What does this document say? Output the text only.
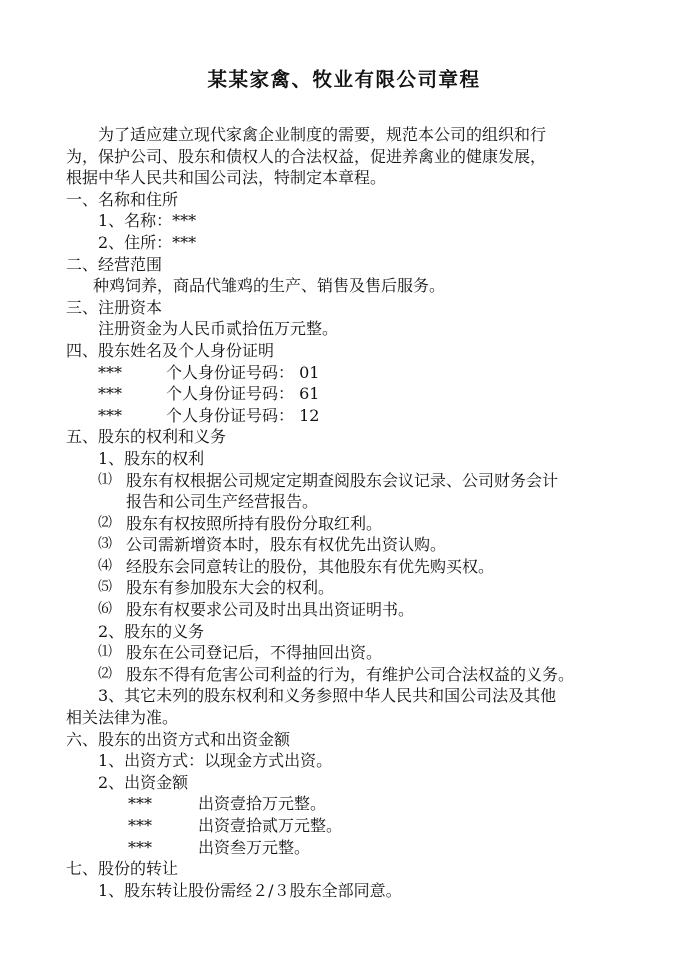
某某家禽、牧业有限公司章程
为了适应建立现代家禽企业制度的需要，规范本公司的组织和行
为，保护公司、股东和债权人的合法权益，促进养禽业的健康发展，
根据中华人民共和国公司法，特制定本章程。
一、名称和住所
1、名称：***
2、住所：***
二、经营范围
种鸡饲养，商品代雏鸡的生产、销售及售后服务。
三、注册资本
注册资金为人民币贰拾伍万元整。
四、股东姓名及个人身份证明
***	个人身份证号码： 01
***	个人身份证号码： 61
***	个人身份证号码： 12
五、股东的权利和义务
1、股东的权利
⑴ 股东有权根据公司规定定期查阅股东会议记录、公司财务会计
报告和公司生产经营报告。
⑵ 股东有权按照所持有股份分取红利。
⑶ 公司需新增资本时，股东有权优先出资认购。
⑷ 经股东会同意转让的股份，其他股东有优先购买权。
⑸ 股东有参加股东大会的权利。
⑹ 股东有权要求公司及时出具出资证明书。
2、股东的义务
⑴ 股东在公司登记后，不得抽回出资。
⑵ 股东不得有危害公司利益的行为，有维护公司合法权益的义务。
3、其它未列的股东权利和义务参照中华人民共和国公司法及其他
相关法律为准。
六、股东的出资方式和出资金额
1、出资方式：以现金方式出资。
2、出资金额
***	出资壹拾万元整。
***	出资壹拾贰万元整。
***	出资叁万元整。
七、股份的转让
1、股东转让股份需经２/３股东全部同意。
